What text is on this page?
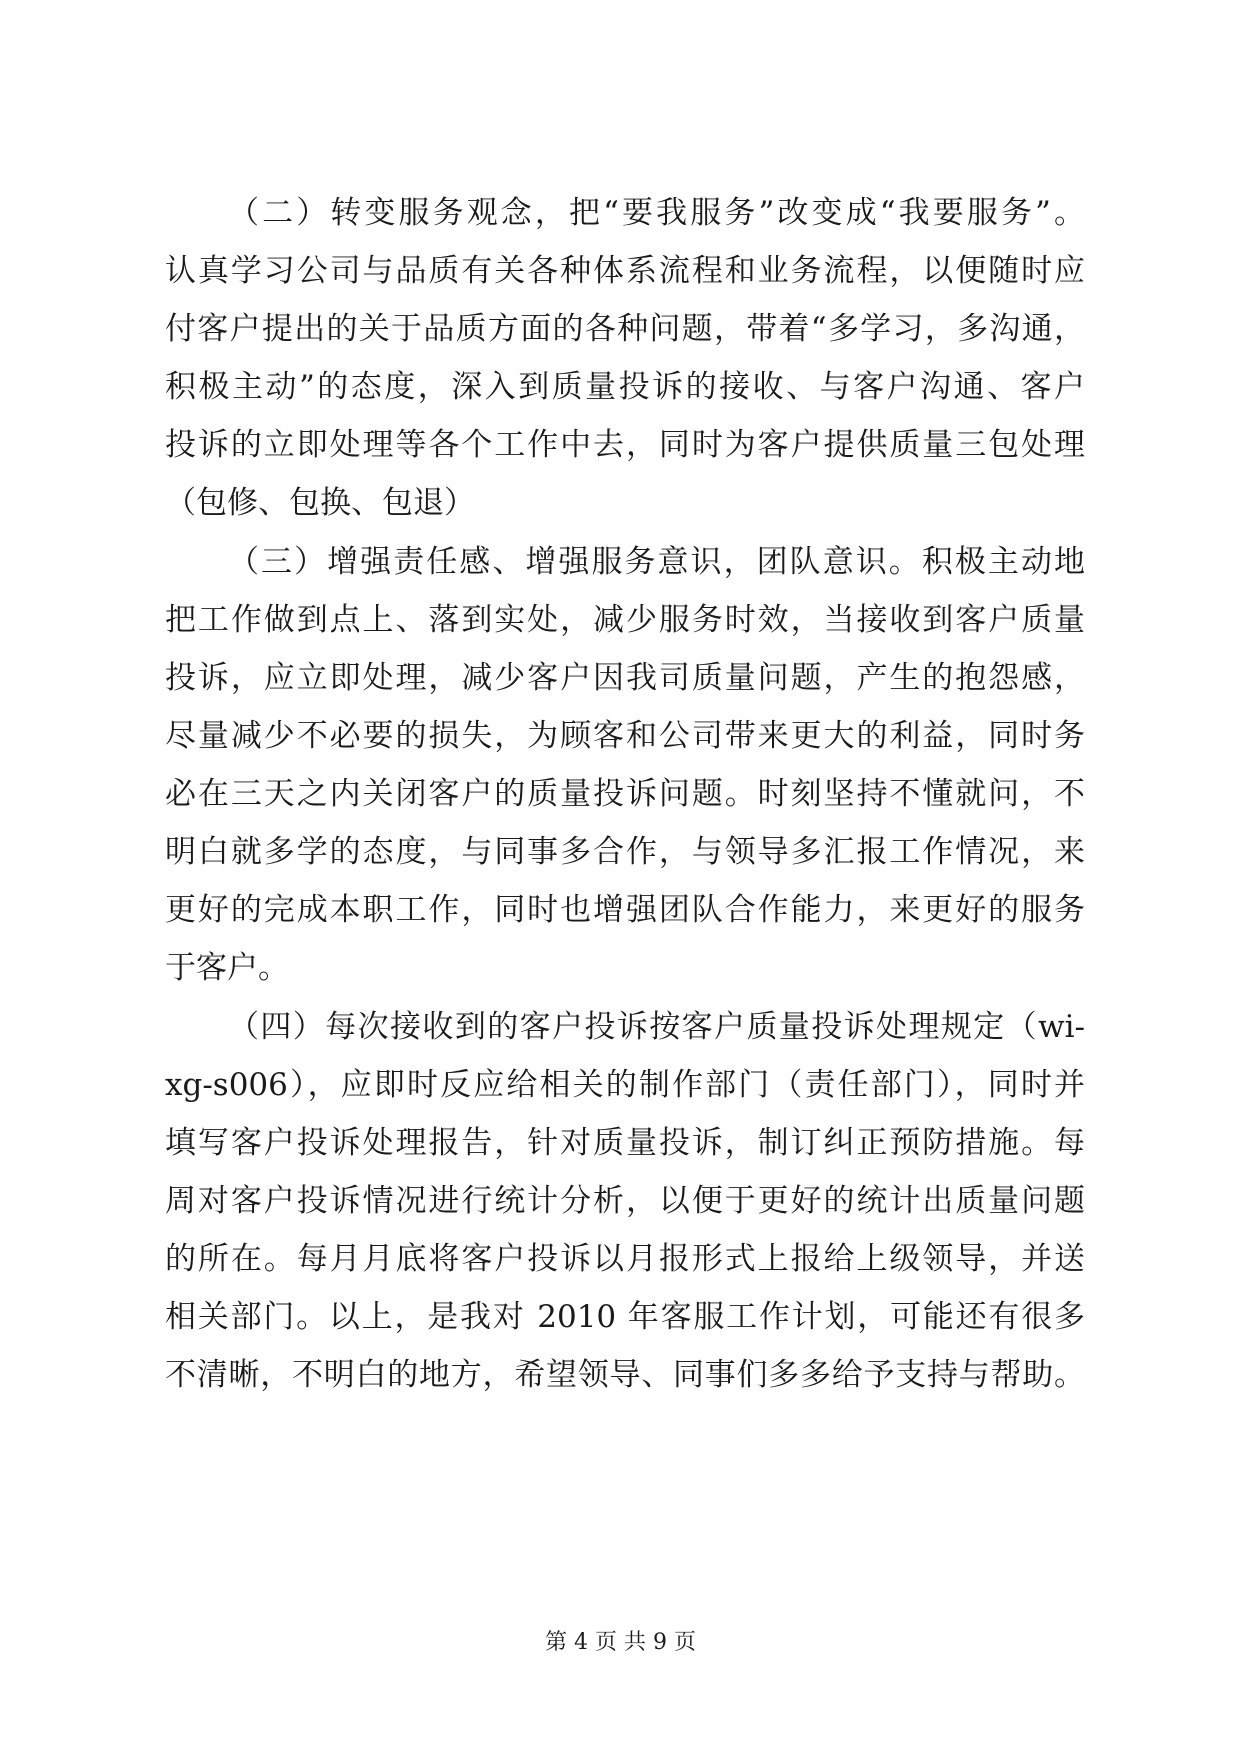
（二）转变服务观念，把“要我服务”改变成“我要服务”。
认真学习公司与品质有关各种体系流程和业务流程，以便随时应
付客户提出的关于品质方面的各种问题，带着“多学习，多沟通，
积极主动”的态度，深入到质量投诉的接收、与客户沟通、客户
投诉的立即处理等各个工作中去，同时为客户提供质量三包处理
（包修、包换、包退）
（三）增强责任感、增强服务意识，团队意识。积极主动地
把工作做到点上、落到实处，减少服务时效，当接收到客户质量
投诉，应立即处理，减少客户因我司质量问题，产生的抱怨感，
尽量减少不必要的损失，为顾客和公司带来更大的利益，同时务
必在三天之内关闭客户的质量投诉问题。时刻坚持不懂就问，不
明白就多学的态度，与同事多合作，与领导多汇报工作情况，来
更好的完成本职工作，同时也增强团队合作能力，来更好的服务
于客户。
（四）每次接收到的客户投诉按客户质量投诉处理规定（wi-
xg-s006），应即时反应给相关的制作部门（责任部门），同时并
填写客户投诉处理报告，针对质量投诉，制订纠正预防措施。每
周对客户投诉情况进行统计分析，以便于更好的统计出质量问题
的所在。每月月底将客户投诉以月报形式上报给上级领导，并送
相关部门。以上，是我对 2010 年客服工作计划，可能还有很多
不清晰，不明白的地方，希望领导、同事们多多给予支持与帮助。
第 4 页 共 9 页
